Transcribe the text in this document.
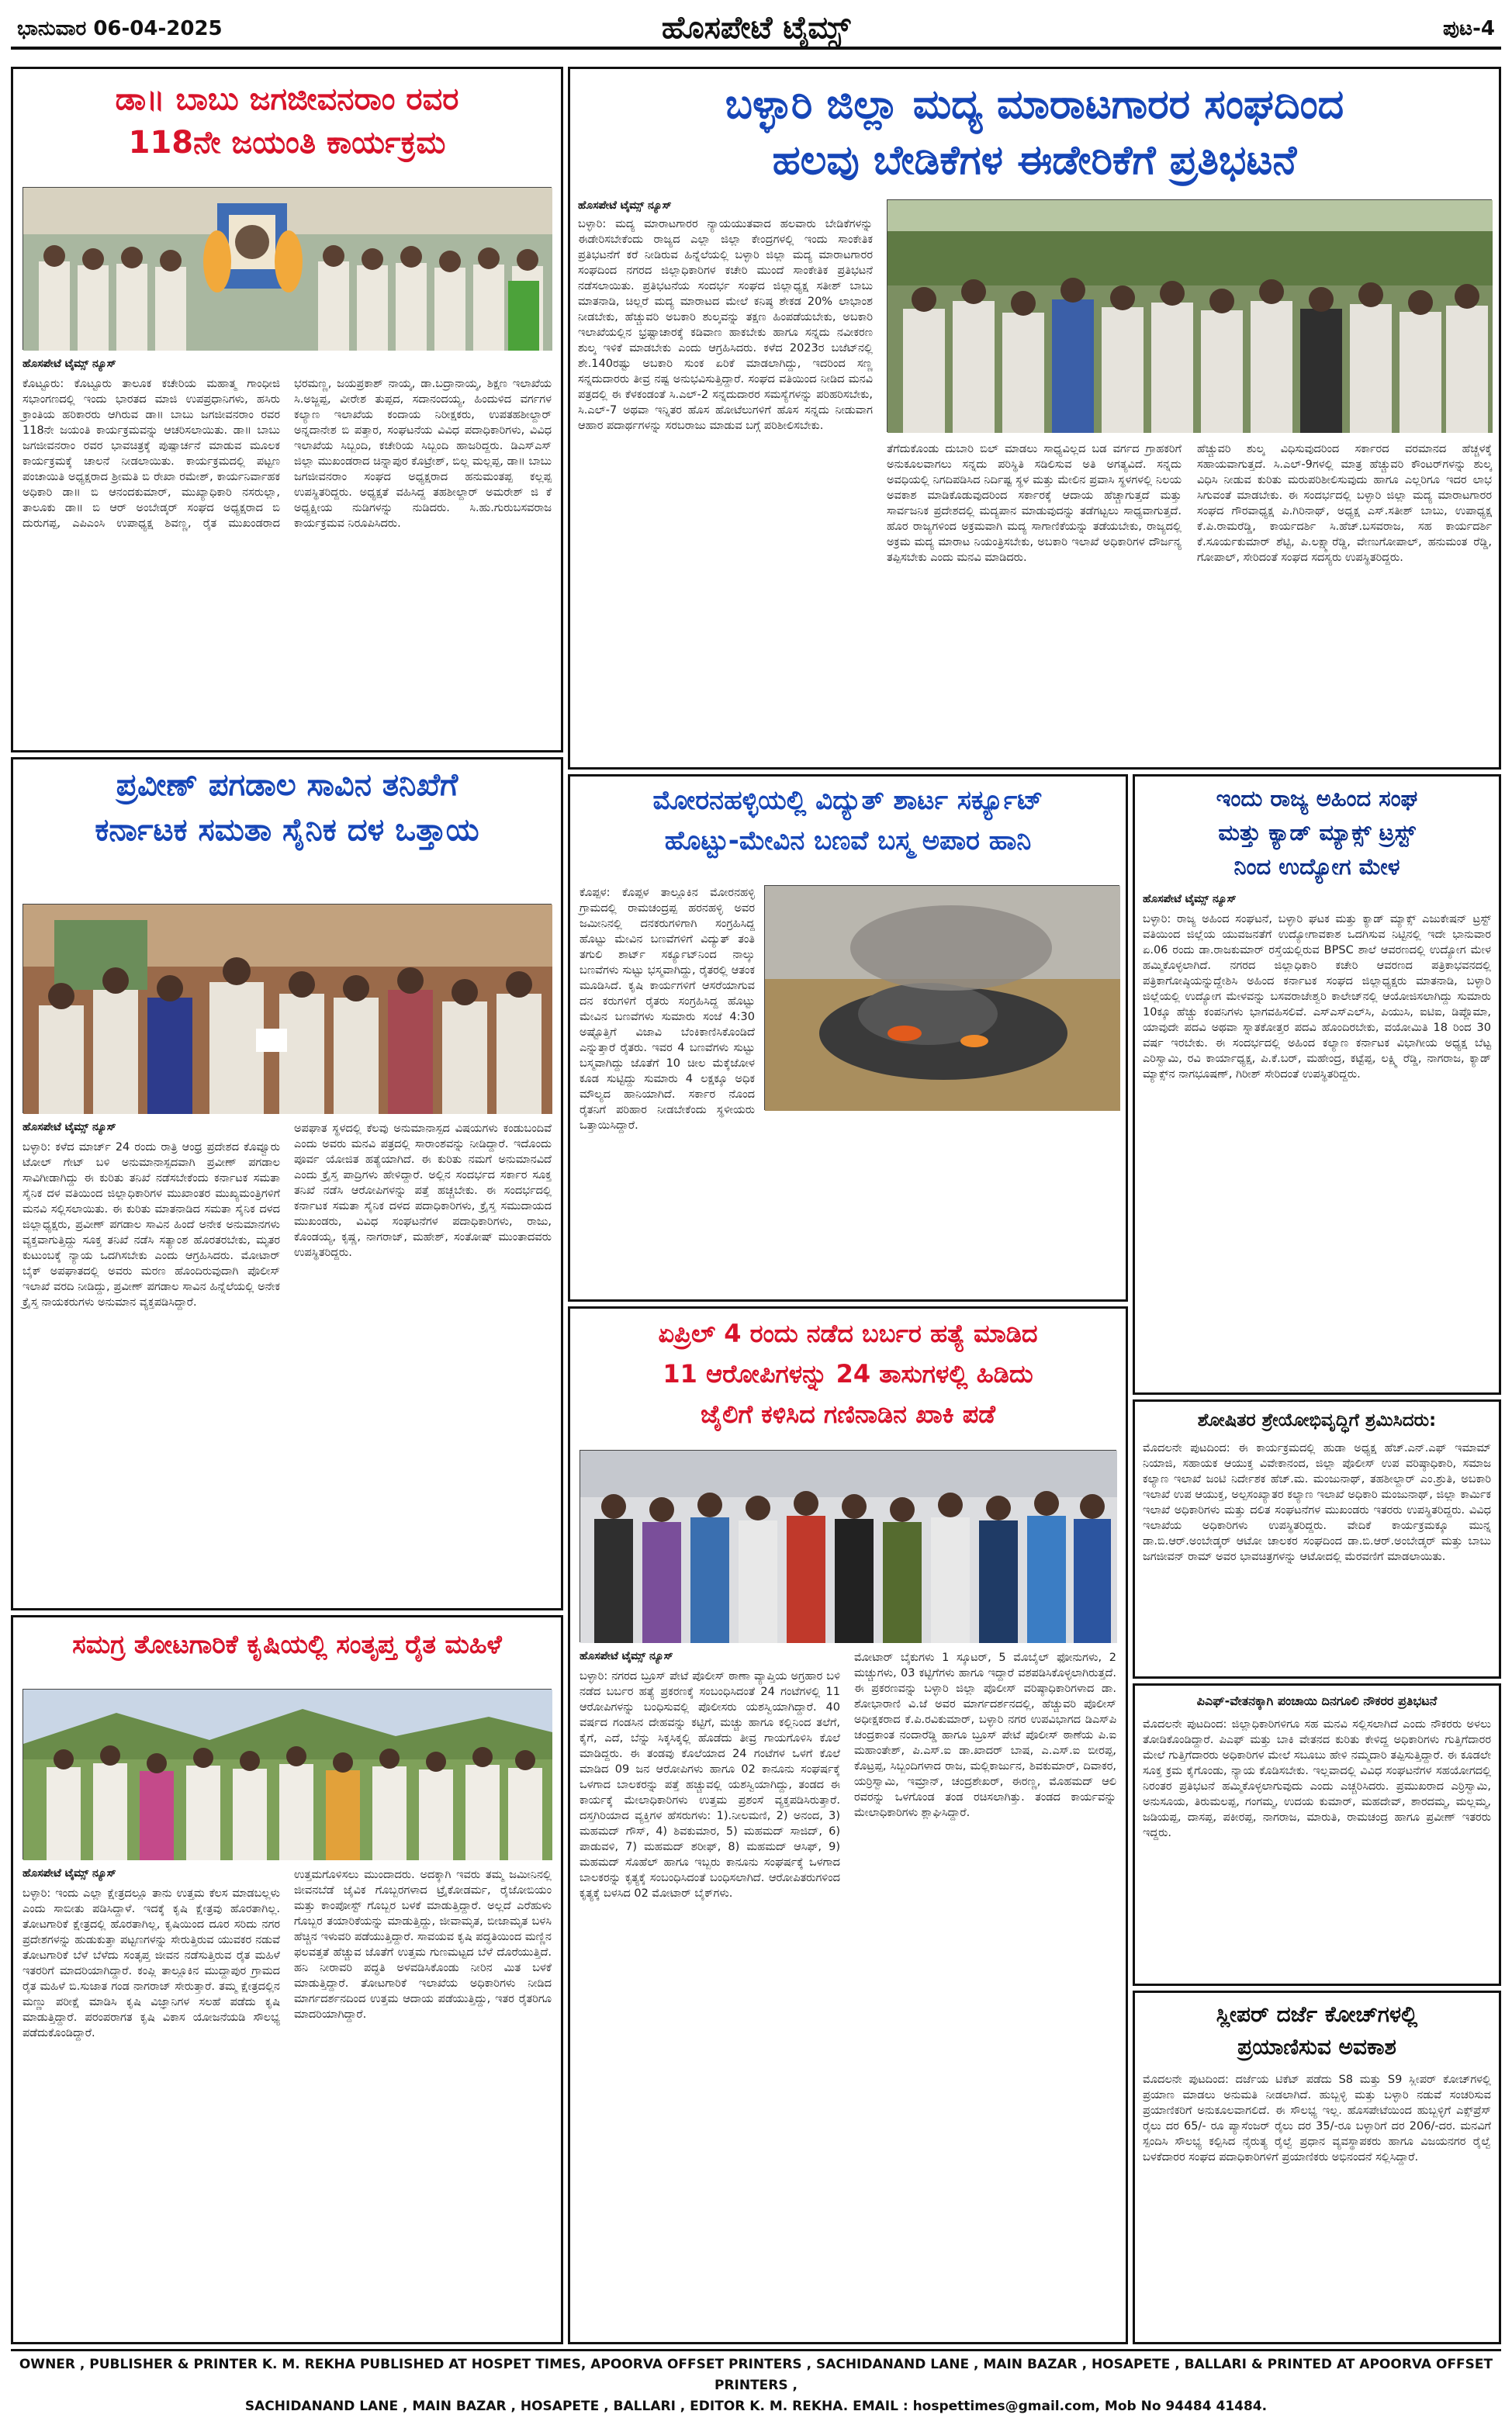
ಭಾನುವಾರ 06-04-2025	ಹೊಸಪೇಟೆ ಟೈಮ್ಸ್	ಪುಟ-4
ಡಾ॥ ಬಾಬು ಜಗಜೀವನರಾಂ ರವರ
118ನೇ ಜಯಂತಿ ಕಾರ್ಯಕ್ರಮ
ಹೊಸಪೇಟೆ ಟೈಮ್ಸ್ ನ್ಯೂಸ್
ಕೊಟ್ಟೂರು: ಕೊಟ್ಟೂರು ತಾಲೂಕ ಕಚೇರಿಯ ಮಹಾತ್ಮ ಗಾಂಧೀಜಿ ಸಭಾಂಗಣದಲ್ಲಿ ಇಂದು ಭಾರತದ ಮಾಜಿ ಉಪಪ್ರಧಾನಿಗಳು, ಹಸಿರು ಕ್ರಾಂತಿಯ ಹರಿಕಾರರು ಆಗಿರುವ ಡಾ॥ ಬಾಬು ಜಗಜೀವನರಾಂ ರವರ 118ನೇ ಜಯಂತಿ ಕಾರ್ಯಕ್ರಮವನ್ನು ಆಚರಿಸಲಾಯಿತು. ಡಾ॥ ಬಾಬು ಜಗಜೀವನರಾಂ ರವರ ಭಾವಚಿತ್ರಕ್ಕೆ ಪುಷ್ಪಾರ್ಚನೆ ಮಾಡುವ ಮೂಲಕ ಕಾರ್ಯಕ್ರಮಕ್ಕೆ ಚಾಲನೆ ನೀಡಲಾಯಿತು. ಕಾರ್ಯಕ್ರಮದಲ್ಲಿ ಪಟ್ಟಣ ಪಂಚಾಯಿತಿ ಅಧ್ಯಕ್ಷರಾದ ಶ್ರೀಮತಿ ಬಿ ರೇಖಾ ರಮೇಶ್, ಕಾರ್ಯನಿರ್ವಾಹಕ ಅಧಿಕಾರಿ ಡಾ॥ ಬಿ ಆನಂದಕುಮಾರ್, ಮುಖ್ಯಾಧಿಕಾರಿ ನಸರುಲ್ಲಾ, ತಾಲೂಕು ಡಾ॥ ಬಿ ಆರ್ ಅಂಬೇಡ್ಕರ್ ಸಂಘದ ಅಧ್ಯಕ್ಷರಾದ ಬಿ ದುರುಗಪ್ಪ, ಎಪಿಎಂಸಿ ಉಪಾಧ್ಯಕ್ಷ ಶಿವಣ್ಣ, ರೈತ ಮುಖಂಡರಾದ ಭರಮಣ್ಣ, ಜಯಪ್ರಕಾಶ್ ನಾಯ್ಕ, ಡಾ.ಬದ್ರಾನಾಯ್ಕ, ಶಿಕ್ಷಣ ಇಲಾಖೆಯ ಸಿ.ಅಜ್ಜಪ್ಪ, ವೀರೇಶ ತುಪ್ಪದ, ಸದಾನಂದಯ್ಯ, ಹಿಂದುಳಿದ ವರ್ಗಗಳ ಕಲ್ಯಾಣ ಇಲಾಖೆಯ ಕಂದಾಯ ನಿರೀಕ್ಷಕರು, ಉಪತಹಶೀಲ್ದಾರ್ ಅನ್ನದಾನೇಶ ಬಿ ಪತ್ತಾರ, ಸಂಘಟನೆಯ ವಿವಿಧ ಪದಾಧಿಕಾರಿಗಳು, ವಿವಿಧ ಇಲಾಖೆಯ ಸಿಬ್ಬಂದಿ, ಕಚೇರಿಯ ಸಿಬ್ಬಂದಿ ಹಾಜರಿದ್ದರು. ಡಿಎಸ್ಎಸ್ ಜಿಲ್ಲಾ ಮುಖಂಡರಾದ ಚಿನ್ನಾಪುರ ಕೊಟ್ರೇಶ್, ಬಿಲ್ಲ ಮಲ್ಲಪ್ಪ, ಡಾ॥ ಬಾಬು ಜಗಜೀವನರಾಂ ಸಂಘದ ಅಧ್ಯಕ್ಷರಾದ ಹನುಮಂತಪ್ಪ ಕಲ್ಲಪ್ಪ ಉಪಸ್ಥಿತರಿದ್ದರು. ಅಧ್ಯಕ್ಷತೆ ವಹಿಸಿದ್ದ ತಹಶೀಲ್ದಾರ್ ಅಮರೇಶ್ ಜಿ ಕೆ ಅಧ್ಯಕ್ಷೀಯ ನುಡಿಗಳನ್ನು ನುಡಿದರು. ಸಿ.ಹು.ಗುರುಬಸವರಾಜ ಕಾರ್ಯಕ್ರಮವ ನಿರೂಪಿಸಿದರು.
ಪ್ರವೀಣ್ ಪಗಡಾಲ ಸಾವಿನ ತನಿಖೆಗೆ
ಕರ್ನಾಟಕ ಸಮತಾ ಸೈನಿಕ ದಳ ಒತ್ತಾಯ
ಹೊಸಪೇಟೆ ಟೈಮ್ಸ್ ನ್ಯೂಸ್
ಬಳ್ಳಾರಿ: ಕಳೆದ ಮಾರ್ಚ್ 24 ರಂದು ರಾತ್ರಿ ಆಂಧ್ರ ಪ್ರದೇಶದ ಕೊವ್ವೂರು ಟೋಲ್ ಗೇಟ್ ಬಳಿ ಅನುಮಾನಾಸ್ಪದವಾಗಿ ಪ್ರವೀಣ್ ಪಗಡಾಲ ಸಾವಿಗೀಡಾಗಿದ್ದು ಈ ಕುರಿತು ತನಿಖೆ ನಡೆಸಬೇಕೆಂದು ಕರ್ನಾಟಕ ಸಮತಾ ಸೈನಿಕ ದಳ ವತಿಯಿಂದ ಜಿಲ್ಲಾಧಿಕಾರಿಗಳ ಮುಖಾಂತರ ಮುಖ್ಯಮಂತ್ರಿಗಳಿಗೆ ಮನವಿ ಸಲ್ಲಿಸಲಾಯಿತು. ಈ ಕುರಿತು ಮಾತನಾಡಿದ ಸಮತಾ ಸೈನಿಕ ದಳದ ಜಿಲ್ಲಾಧ್ಯಕ್ಷರು, ಪ್ರವೀಣ್ ಪಗಡಾಲ ಸಾವಿನ ಹಿಂದೆ ಅನೇಕ ಅನುಮಾನಗಳು ವ್ಯಕ್ತವಾಗುತ್ತಿದ್ದು ಸೂಕ್ತ ತನಿಖೆ ನಡೆಸಿ ಸತ್ಯಾಂಶ ಹೊರತರಬೇಕು, ಮೃತರ ಕುಟುಂಬಕ್ಕೆ ನ್ಯಾಯ ಒದಗಿಸಬೇಕು ಎಂದು ಆಗ್ರಹಿಸಿದರು. ಮೋಟಾರ್ ಬೈಕ್ ಅಪಘಾತದಲ್ಲಿ ಅವರು ಮರಣ ಹೊಂದಿರುವುದಾಗಿ ಪೊಲೀಸ್ ಇಲಾಖೆ ವರದಿ ನೀಡಿದ್ದು, ಪ್ರವೀಣ್ ಪಗಡಾಲ ಸಾವಿನ ಹಿನ್ನೆಲೆಯಲ್ಲಿ ಅನೇಕ ಕ್ರೈಸ್ತ ನಾಯಕರುಗಳು ಅನುಮಾನ ವ್ಯಕ್ತಪಡಿಸಿದ್ದಾರೆ.
ಅಪಘಾತ ಸ್ಥಳದಲ್ಲಿ ಕೆಲವು ಅನುಮಾನಾಸ್ಪದ ವಿಷಯಗಳು ಕಂಡುಬಂದಿವೆ ಎಂದು ಅವರು ಮನವಿ ಪತ್ರದಲ್ಲಿ ಸಾರಾಂಶವನ್ನು ನೀಡಿದ್ದಾರೆ. ಇದೊಂದು ಪೂರ್ವ ಯೋಜಿತ ಹತ್ಯೆಯಾಗಿದೆ. ಈ ಕುರಿತು ನಮಗೆ ಅನುಮಾನವಿದೆ ಎಂದು ಕ್ರೈಸ್ತ ಪಾದ್ರಿಗಳು ಹೇಳಿದ್ದಾರೆ. ಅಲ್ಲಿನ ಸಂದರ್ಭದ ಸರ್ಕಾರ ಸೂಕ್ತ ತನಿಖೆ ನಡೆಸಿ ಆರೋಪಿಗಳನ್ನು ಪತ್ತೆ ಹಚ್ಚಬೇಕು. ಈ ಸಂದರ್ಭದಲ್ಲಿ ಕರ್ನಾಟಕ ಸಮತಾ ಸೈನಿಕ ದಳದ ಪದಾಧಿಕಾರಿಗಳು, ಕ್ರೈಸ್ತ ಸಮುದಾಯದ ಮುಖಂಡರು, ವಿವಿಧ ಸಂಘಟನೆಗಳ ಪದಾಧಿಕಾರಿಗಳು, ರಾಜು, ಕೊಂಡಯ್ಯ, ಕೃಷ್ಣ, ನಾಗರಾಜ್, ಮಹೇಶ್, ಸಂತೋಷ್ ಮುಂತಾದವರು ಉಪಸ್ಥಿತರಿದ್ದರು.
ಸಮಗ್ರ ತೋಟಗಾರಿಕೆ ಕೃಷಿಯಲ್ಲಿ ಸಂತೃಪ್ತ ರೈತ ಮಹಿಳೆ
ಹೊಸಪೇಟೆ ಟೈಮ್ಸ್ ನ್ಯೂಸ್
ಬಳ್ಳಾರಿ: ಇಂದು ಎಲ್ಲಾ ಕ್ಷೇತ್ರದಲ್ಲೂ ತಾನು ಉತ್ತಮ ಕೆಲಸ ಮಾಡಬಲ್ಲಳು ಎಂದು ಸಾಬೀತು ಪಡಿಸಿದ್ದಾಳೆ. ಇದಕ್ಕೆ ಕೃಷಿ ಕ್ಷೇತ್ರವು ಹೊರತಾಗಿಲ್ಲ. ತೋಟಗಾರಿಕೆ ಕ್ಷೇತ್ರದಲ್ಲಿ ಹೊರತಾಗಿಲ್ಲ, ಕೃಷಿಯಿಂದ ದೂರ ಸರಿದು ನಗರ ಪ್ರದೇಶಗಳನ್ನು ಹುಡುಕುತ್ತಾ ಪಟ್ಟಣಗಳನ್ನು ಸೇರುತ್ತಿರುವ ಯುವಕರ ನಡುವೆ ತೋಟಗಾರಿಕೆ ಬೆಳೆ ಬೆಳೆದು ಸಂತೃಪ್ತ ಜೀವನ ನಡೆಸುತ್ತಿರುವ ರೈತ ಮಹಿಳೆ ಇತರರಿಗೆ ಮಾದರಿಯಾಗಿದ್ದಾರೆ. ಕಂಪ್ಲಿ ತಾಲ್ಲೂಕಿನ ಮುದ್ದಾಪುರ ಗ್ರಾಮದ ರೈತ ಮಹಿಳೆ ಬಿ.ಸುಜಾತ ಗಂಡ ನಾಗರಾಜ್ ಸೇರುತ್ತಾರೆ. ತಮ್ಮ ಕ್ಷೇತ್ರದಲ್ಲಿನ ಮಣ್ಣು ಪರೀಕ್ಷೆ ಮಾಡಿಸಿ ಕೃಷಿ ವಿಜ್ಞಾನಿಗಳ ಸಲಹೆ ಪಡೆದು ಕೃಷಿ ಮಾಡುತ್ತಿದ್ದಾರೆ. ಪರಂಪರಾಗತ ಕೃಷಿ ವಿಕಾಸ ಯೋಜನೆಯಡಿ ಸೌಲಭ್ಯ ಪಡೆದುಕೊಂಡಿದ್ದಾರೆ.
ಉತ್ತಮಗೊಳಿಸಲು ಮುಂದಾದರು. ಅದಕ್ಕಾಗಿ ಇವರು ತಮ್ಮ ಜಮೀನಿನಲ್ಲಿ ಜೀವನಬೆಡೆ ಜೈವಿಕ ಗೊಬ್ಬರಗಳಾದ ಟ್ರೈಕೋಡರ್ಮ, ರೈಜೋಬಿಯಂ ಮತ್ತು ಕಾಂಪೋಸ್ಟ್ ಗೊಬ್ಬರ ಬಳಕೆ ಮಾಡುತ್ತಿದ್ದಾರೆ. ಅಲ್ಲದೆ ಎರೆಹುಳು ಗೊಬ್ಬರ ತಯಾರಿಕೆಯನ್ನು ಮಾಡುತ್ತಿದ್ದು, ಜೀವಾಮೃತ, ಬೀಜಾಮೃತ ಬಳಸಿ ಹೆಚ್ಚಿನ ಇಳುವರಿ ಪಡೆಯುತ್ತಿದ್ದಾರೆ. ಸಾವಯವ ಕೃಷಿ ಪದ್ಧತಿಯಿಂದ ಮಣ್ಣಿನ ಫಲವತ್ತತೆ ಹೆಚ್ಚುವ ಜೊತೆಗೆ ಉತ್ತಮ ಗುಣಮಟ್ಟದ ಬೆಳೆ ದೊರೆಯುತ್ತಿದೆ. ಹನಿ ನೀರಾವರಿ ಪದ್ಧತಿ ಅಳವಡಿಸಿಕೊಂಡು ನೀರಿನ ಮಿತ ಬಳಕೆ ಮಾಡುತ್ತಿದ್ದಾರೆ. ತೋಟಗಾರಿಕೆ ಇಲಾಖೆಯ ಅಧಿಕಾರಿಗಳು ನೀಡಿದ ಮಾರ್ಗದರ್ಶನದಿಂದ ಉತ್ತಮ ಆದಾಯ ಪಡೆಯುತ್ತಿದ್ದು, ಇತರ ರೈತರಿಗೂ ಮಾದರಿಯಾಗಿದ್ದಾರೆ.
ಬಳ್ಳಾರಿ ಜಿಲ್ಲಾ ಮದ್ಯ ಮಾರಾಟಗಾರರ ಸಂಘದಿಂದ
ಹಲವು ಬೇಡಿಕೆಗಳ ಈಡೇರಿಕೆಗೆ ಪ್ರತಿಭಟನೆ
ಹೊಸಪೇಟೆ ಟೈಮ್ಸ್ ನ್ಯೂಸ್
ಬಳ್ಳಾರಿ: ಮದ್ಯ ಮಾರಾಟಗಾರರ ನ್ಯಾಯಯುತವಾದ ಹಲವಾರು ಬೇಡಿಕೆಗಳನ್ನು ಈಡೇರಿಸಬೇಕೆಂದು ರಾಜ್ಯದ ಎಲ್ಲಾ ಜಿಲ್ಲಾ ಕೇಂದ್ರಗಳಲ್ಲಿ ಇಂದು ಸಾಂಕೇತಿಕ ಪ್ರತಿಭಟನೆಗೆ ಕರೆ ನೀಡಿರುವ ಹಿನ್ನೆಲೆಯಲ್ಲಿ ಬಳ್ಳಾರಿ ಜಿಲ್ಲಾ ಮದ್ಯ ಮಾರಾಟಗಾರರ ಸಂಘದಿಂದ ನಗರದ ಜಿಲ್ಲಾಧಿಕಾರಿಗಳ ಕಚೇರಿ ಮುಂದೆ ಸಾಂಕೇತಿಕ ಪ್ರತಿಭಟನೆ ನಡೆಸಲಾಯಿತು. ಪ್ರತಿಭಟನೆಯ ಸಂದರ್ಭ ಸಂಘದ ಜಿಲ್ಲಾಧ್ಯಕ್ಷ ಸತೀಶ್ ಬಾಬು ಮಾತನಾಡಿ, ಚಿಲ್ಲರೆ ಮದ್ಯ ಮಾರಾಟದ ಮೇಲೆ ಕನಿಷ್ಠ ಶೇಕಡ 20% ಲಾಭಾಂಶ ನೀಡಬೇಕು, ಹೆಚ್ಚುವರಿ ಅಬಕಾರಿ ಶುಲ್ಕವನ್ನು ತಕ್ಷಣ ಹಿಂಪಡೆಯಬೇಕು, ಅಬಕಾರಿ ಇಲಾಖೆಯಲ್ಲಿನ ಭ್ರಷ್ಟಾಚಾರಕ್ಕೆ ಕಡಿವಾಣ ಹಾಕಬೇಕು ಹಾಗೂ ಸನ್ನದು ನವೀಕರಣ ಶುಲ್ಕ ಇಳಿಕೆ ಮಾಡಬೇಕು ಎಂದು ಆಗ್ರಹಿಸಿದರು. ಕಳೆದ 2023ರ ಬಜೆಟ್‌ನಲ್ಲಿ ಶೇ.140ರಷ್ಟು ಅಬಕಾರಿ ಸುಂಕ ಏರಿಕೆ ಮಾಡಲಾಗಿದ್ದು, ಇದರಿಂದ ಸಣ್ಣ ಸನ್ನದುದಾರರು ತೀವ್ರ ನಷ್ಟ ಅನುಭವಿಸುತ್ತಿದ್ದಾರೆ. ಸಂಘದ ವತಿಯಿಂದ ನೀಡಿದ ಮನವಿ ಪತ್ರದಲ್ಲಿ ಈ ಕೆಳಕಂಡಂತೆ ಸಿ.ಎಲ್-2 ಸನ್ನದುದಾರರ ಸಮಸ್ಯೆಗಳನ್ನು ಪರಿಹರಿಸಬೇಕು, ಸಿ.ಎಲ್-7 ಅಥವಾ ಇನ್ನಿತರ ಹೊಸ ಹೋಟೆಲುಗಳಿಗೆ ಹೊಸ ಸನ್ನದು ನೀಡುವಾಗ ಆಹಾರ ಪದಾರ್ಥಗಳನ್ನು ಸರಬರಾಜು ಮಾಡುವ ಬಗ್ಗೆ ಪರಿಶೀಲಿಸಬೇಕು.
ತೆಗೆದುಕೊಂಡು ದುಬಾರಿ ಬಿಲ್ ಮಾಡಲು ಸಾಧ್ಯವಿಲ್ಲದ ಬಡ ವರ್ಗದ ಗ್ರಾಹಕರಿಗೆ ಅನುಕೂಲವಾಗಲು ಸನ್ನದು ಪರಿಸ್ಥಿತಿ ಸಡಿಲಿಸುವ ಅತಿ ಅಗತ್ಯವಿದೆ. ಸನ್ನದು ಅವಧಿಯಲ್ಲಿ ನಿಗದಿಪಡಿಸಿದ ನಿರ್ದಿಷ್ಟ ಸ್ಥಳ ಮತ್ತು ಮೇಲಿನ ಪ್ರವಾಸಿ ಸ್ಥಳಗಳಲ್ಲಿ ನಿಲಯ ಅವಕಾಶ ಮಾಡಿಕೊಡುವುದರಿಂದ ಸರ್ಕಾರಕ್ಕೆ ಆದಾಯ ಹೆಚ್ಚಾಗುತ್ತದೆ ಮತ್ತು ಸಾರ್ವಜನಿಕ ಪ್ರದೇಶದಲ್ಲಿ ಮದ್ಯಪಾನ ಮಾಡುವುದನ್ನು ತಡೆಗಟ್ಟಲು ಸಾಧ್ಯವಾಗುತ್ತದೆ. ಹೊರ ರಾಜ್ಯಗಳಿಂದ ಅಕ್ರಮವಾಗಿ ಮದ್ಯ ಸಾಗಾಣಿಕೆಯನ್ನು ತಡೆಯಬೇಕು, ರಾಜ್ಯದಲ್ಲಿ ಅಕ್ರಮ ಮದ್ಯ ಮಾರಾಟ ನಿಯಂತ್ರಿಸಬೇಕು, ಅಬಕಾರಿ ಇಲಾಖೆ ಅಧಿಕಾರಿಗಳ ದೌರ್ಜನ್ಯ ತಪ್ಪಿಸಬೇಕು ಎಂದು ಮನವಿ ಮಾಡಿದರು.
ಹೆಚ್ಚುವರಿ ಶುಲ್ಕ ವಿಧಿಸುವುದರಿಂದ ಸರ್ಕಾರದ ವರಮಾನದ ಹೆಚ್ಚಳಕ್ಕೆ ಸಹಾಯವಾಗುತ್ತದೆ. ಸಿ.ಎಲ್-9ಗಳಲ್ಲಿ ಮಾತ್ರ ಹೆಚ್ಚುವರಿ ಕೌಂಟರ್‌ಗಳನ್ನು ಶುಲ್ಕ ವಿಧಿಸಿ ನೀಡುವ ಕುರಿತು ಮರುಪರಿಶೀಲಿಸುವುದು ಹಾಗೂ ಎಲ್ಲರಿಗೂ ಇದರ ಲಾಭ ಸಿಗುವಂತೆ ಮಾಡಬೇಕು. ಈ ಸಂದರ್ಭದಲ್ಲಿ ಬಳ್ಳಾರಿ ಜಿಲ್ಲಾ ಮದ್ಯ ಮಾರಾಟಗಾರರ ಸಂಘದ ಗೌರವಾಧ್ಯಕ್ಷ ಪಿ.ಗಿರಿನಾಥ್, ಅಧ್ಯಕ್ಷ ಎಸ್.ಸತೀಶ್ ಬಾಬು, ಉಪಾಧ್ಯಕ್ಷ ಕೆ.ಪಿ.ರಾಮರೆಡ್ಡಿ, ಕಾರ್ಯದರ್ಶಿ ಸಿ.ಹೆಚ್.ಬಸವರಾಜ, ಸಹ ಕಾರ್ಯದರ್ಶಿ ಕೆ.ಸೂರ್ಯಕುಮಾರ್ ಶೆಟ್ಟಿ, ಪಿ.ಲಕ್ಷ್ಮಾರೆಡ್ಡಿ, ವೇಣುಗೋಪಾಲ್, ಹನುಮಂತ ರೆಡ್ಡಿ, ಗೋಪಾಲ್, ಸೇರಿದಂತೆ ಸಂಘದ ಸದಸ್ಯರು ಉಪಸ್ಥಿತರಿದ್ದರು.
ಮೋರನಹಳ್ಳಿಯಲ್ಲಿ ವಿದ್ಯುತ್ ಶಾರ್ಟ ಸರ್ಕ್ಯೂಟ್
ಹೊಟ್ಟು-ಮೇವಿನ ಬಣವೆ ಬಸ್ಮ ಅಪಾರ ಹಾನಿ
ಕೊಪ್ಪಳ: ಕೊಪ್ಪಳ ತಾಲ್ಲೂಕಿನ ಮೋರನಹಳ್ಳಿ ಗ್ರಾಮದಲ್ಲಿ ರಾಮಚಂದ್ರಪ್ಪ ಹರನಹಳ್ಳಿ ಅವರ ಜಮೀನಿನಲ್ಲಿ ದನಕರುಗಳಿಗಾಗಿ ಸಂಗ್ರಹಿಸಿದ್ದ ಹೊಟ್ಟು ಮೇವಿನ ಬಣವೆಗಳಿಗೆ ವಿದ್ಯುತ್ ತಂತಿ ತಗುಲಿ ಶಾರ್ಟ್ ಸರ್ಕ್ಯೂಟ್‌ನಿಂದ ನಾಲ್ಕು ಬಣವೆಗಳು ಸುಟ್ಟು ಭಸ್ಮವಾಗಿದ್ದು, ರೈತರಲ್ಲಿ ಆತಂಕ ಮೂಡಿಸಿದೆ. ಕೃಷಿ ಕಾರ್ಯಗಳಿಗೆ ಆಸರೆಯಾಗುವ ದನ ಕರುಗಳಿಗೆ ರೈತರು ಸಂಗ್ರಹಿಸಿದ್ದ ಹೊಟ್ಟು ಮೇವಿನ ಬಣವೆಗಳು ಸುಮಾರು ಸಂಜೆ 4:30 ಅಷ್ಟೊತ್ತಿಗೆ ವಿಜಾವಿ ಬೆಂಕಿಕಾಣಿಸಿಕೊಂಡಿದೆ ಎನ್ನುತ್ತಾರೆ ರೈತರು. ಇವರ 4 ಬಣವೆಗಳು ಸುಟ್ಟು ಬಸ್ಮವಾಗಿದ್ದು ಜೊತೆಗೆ 10 ಚೀಲ ಮೆಕ್ಕೆಜೋಳ ಕೂಡ ಸುಟ್ಟಿದ್ದು ಸುಮಾರು 4 ಲಕ್ಷಕ್ಕೂ ಅಧಿಕ ಮೌಲ್ಯದ ಹಾನಿಯಾಗಿದೆ. ಸರ್ಕಾರ ನೊಂದ ರೈತನಿಗೆ ಪರಿಹಾರ ನೀಡಬೇಕೆಂದು ಸ್ಥಳೀಯರು ಒತ್ತಾಯಿಸಿದ್ದಾರೆ.
ಏಪ್ರಿಲ್ 4 ರಂದು ನಡೆದ ಬರ್ಬರ ಹತ್ಯೆ ಮಾಡಿದ
11 ಆರೋಪಿಗಳನ್ನು 24 ತಾಸುಗಳಲ್ಲಿ ಹಿಡಿದು
ಜೈಲಿಗೆ ಕಳಿಸಿದ ಗಣಿನಾಡಿನ ಖಾಕಿ ಪಡೆ
ಹೊಸಪೇಟೆ ಟೈಮ್ಸ್ ನ್ಯೂಸ್
ಬಳ್ಳಾರಿ: ನಗರದ ಬ್ರೂಸ್ ಪೇಟೆ ಪೊಲೀಸ್ ಠಾಣಾ ವ್ಯಾಪ್ತಿಯ ಅಗ್ರಹಾರ ಬಳಿ ನಡೆದ ಬರ್ಬರ ಹತ್ಯೆ ಪ್ರಕರಣಕ್ಕೆ ಸಂಬಂಧಿಸಿದಂತೆ 24 ಗಂಟೆಗಳಲ್ಲಿ 11 ಆರೋಪಿಗಳನ್ನು ಬಂಧಿಸುವಲ್ಲಿ ಪೊಲೀಸರು ಯಶಸ್ವಿಯಾಗಿದ್ದಾರೆ. 40 ವರ್ಷದ ಗಂಡಸಿನ ದೇಹವನ್ನು ಕಟ್ಟಿಗೆ, ಮಚ್ಚು ಹಾಗೂ ಕಲ್ಲಿನಿಂದ ತಲೆಗೆ, ಕೈಗೆ, ಎದೆ, ಬೆನ್ನು ಸಿಕ್ಕಸಿಕ್ಕಲ್ಲಿ ಹೊಡೆದು ತೀವ್ರ ಗಾಯಗೊಳಿಸಿ ಕೊಲೆ ಮಾಡಿದ್ದರು. ಈ ತಂಡವು ಕೊಲೆಯಾದ 24 ಗಂಟೆಗಳ ಒಳಗೆ ಕೊಲೆ ಮಾಡಿದ 09 ಜನ ಆರೋಪಿಗಳು ಹಾಗೂ 02 ಕಾನೂನು ಸಂಘರ್ಷಕ್ಕೆ ಒಳಗಾದ ಬಾಲಕರನ್ನು ಪತ್ತೆ ಹಚ್ಚುವಲ್ಲಿ ಯಶಸ್ವಿಯಾಗಿದ್ದು, ತಂಡದ ಈ ಕಾರ್ಯಕ್ಕೆ ಮೇಲಾಧಿಕಾರಿಗಳು ಉತ್ತಮ ಪ್ರಶಂಸೆ ವ್ಯಕ್ತಪಡಿಸಿರುತ್ತಾರೆ. ದಸ್ತಗಿರಿಯಾದ ವ್ಯಕ್ತಿಗಳ ಹೆಸರುಗಳು: 1).ನೀಲಮಣಿ, 2) ಅನಂದ, 3) ಮಹಮದ್ ಗೌಸ್, 4) ಶಿವಕುಮಾರ, 5) ಮಹಮದ್ ಸಾಜಿದ್, 6) ಪಾಡುವಳಿ, 7) ಮಹಮದ್ ಶರೀಫ್, 8) ಮಹಮದ್ ಆಸಿಫ್, 9) ಮಹಮದ್ ಸೊಹೆಲ್ ಹಾಗೂ ಇಬ್ಬರು ಕಾನೂನು ಸಂಘರ್ಷಕ್ಕೆ ಒಳಗಾದ ಬಾಲಕರನ್ನು ಕೃತ್ಯಕ್ಕೆ ಸಂಬಂಧಿಸಿದಂತೆ ಬಂಧಿಸಲಾಗಿದೆ. ಆರೋಪಿತರುಗಳಿಂದ ಕೃತ್ಯಕ್ಕೆ ಬಳಸಿದ 02 ಮೋಟಾರ್ ಬೈಕ್‌ಗಳು.
ಮೋಟಾರ್ ಬೈಕುಗಳು 1 ಸ್ಕೂಟರ್, 5 ಮೊಬೈಲ್ ಫೋನುಗಳು, 2 ಮಚ್ಚುಗಳು, 03 ಕಟ್ಟಿಗೆಗಳು ಹಾಗೂ ಇದ್ದಾರೆ ವಶಪಡಿಸಿಕೊಳ್ಳಲಾಗಿರುತ್ತದೆ. ಈ ಪ್ರಕರಣವನ್ನು ಬಳ್ಳಾರಿ ಜಿಲ್ಲಾ ಪೊಲೀಸ್ ವರಿಷ್ಠಾಧಿಕಾರಿಗಳಾದ ಡಾ. ಶೋಭಾರಾಣಿ ವಿ.ಜೆ ಅವರ ಮಾರ್ಗದರ್ಶನದಲ್ಲಿ, ಹೆಚ್ಚುವರಿ ಪೊಲೀಸ್ ಅಧೀಕ್ಷಕರಾದ ಕೆ.ಪಿ.ರವಿಕುಮಾರ್, ಬಳ್ಳಾರಿ ನಗರ ಉಪವಿಭಾಗದ ಡಿಎಸ್‌ಪಿ ಚಂದ್ರಕಾಂತ ನಂದಾರೆಡ್ಡಿ ಹಾಗೂ ಬ್ರೂಸ್ ಪೇಟೆ ಪೊಲೀಸ್ ಠಾಣೆಯ ಪಿ.ಐ ಮಹಾಂತೇಶ್, ಪಿ.ಎಸ್.ಐ ಡಾ.ಖಾದರ್ ಬಾಷ, ಎ.ಎಸ್.ಐ ಬೀರಪ್ಪ, ಕೊಟ್ರಪ್ಪ, ಸಿಬ್ಬಂದಿಗಳಾದ ರಾಜ, ಮಲ್ಲಿಕಾರ್ಜುನ, ಶಿವಕುಮಾರ್, ದಿವಾಕರ, ಯರ್ರಿಸ್ವಾಮಿ, ಇಮ್ರಾನ್, ಚಂದ್ರಶೇಖರ್, ಈರಣ್ಣ, ಮೊಹಮದ್ ಆಲಿ ರವರನ್ನು ಒಳಗೊಂಡ ತಂಡ ರಚಿಸಲಾಗಿತ್ತು. ತಂಡದ ಕಾರ್ಯವನ್ನು ಮೇಲಾಧಿಕಾರಿಗಳು ಶ್ಲಾಘಿಸಿದ್ದಾರೆ.
ಇಂದು ರಾಜ್ಯ ಅಹಿಂದ ಸಂಘ
ಮತ್ತು ಕ್ಯಾಡ್ ಮ್ಯಾಕ್ಸ್ ಟ್ರಸ್ಟ್
ನಿಂದ ಉದ್ಯೋಗ ಮೇಳ
ಹೊಸಪೇಟೆ ಟೈಮ್ಸ್ ನ್ಯೂಸ್
ಬಳ್ಳಾರಿ: ರಾಜ್ಯ ಅಹಿಂದ ಸಂಘಟನೆ, ಬಳ್ಳಾರಿ ಘಟಕ ಮತ್ತು ಕ್ಯಾಡ್ ಮ್ಯಾಕ್ಸ್ ಎಜುಕೇಷನ್ ಟ್ರಸ್ಟ್ ವತಿಯಿಂದ ಜಿಲ್ಲೆಯ ಯುವಜನತೆಗೆ ಉದ್ಯೋಗಾವಕಾಶ ಒದಗಿಸುವ ನಿಟ್ಟಿನಲ್ಲಿ ಇದೇ ಭಾನುವಾರ ಏ.06 ರಂದು ಡಾ.ರಾಜಕುಮಾರ್ ರಸ್ತೆಯಲ್ಲಿರುವ BPSC ಶಾಲೆ ಆವರಣದಲ್ಲಿ ಉದ್ಯೋಗ ಮೇಳ ಹಮ್ಮಿಕೊಳ್ಳಲಾಗಿದೆ. ನಗರದ ಜಿಲ್ಲಾಧಿಕಾರಿ ಕಚೇರಿ ಆವರಣದ ಪತ್ರಿಕಾಭವನದಲ್ಲಿ ಪತ್ರಿಕಾಗೋಷ್ಠಿಯನ್ನುದ್ದೇಶಿಸಿ ಅಹಿಂದ ಕರ್ನಾಟಕ ಸಂಘದ ಜಿಲ್ಲಾಧ್ಯಕ್ಷರು ಮಾತನಾಡಿ, ಬಳ್ಳಾರಿ ಜಿಲ್ಲೆಯಲ್ಲಿ ಉದ್ಯೋಗ ಮೇಳವನ್ನು ಬಸವರಾಜೇಶ್ವರಿ ಕಾಲೇಜ್‌ನಲ್ಲಿ ಆಯೋಜಿಸಲಾಗಿದ್ದು ಸುಮಾರು 10ಕ್ಕೂ ಹೆಚ್ಚು ಕಂಪನಿಗಳು ಭಾಗವಹಿಸಲಿವೆ. ಎಸ್ಎಸ್ಎಲ್‌ಸಿ, ಪಿಯುಸಿ, ಐಟಿಐ, ಡಿಪ್ಲೊಮಾ, ಯಾವುದೇ ಪದವಿ ಅಥವಾ ಸ್ನಾತಕೋತ್ತರ ಪದವಿ ಹೊಂದಿರಬೇಕು, ವಯೋಮಿತಿ 18 ರಿಂದ 30 ವರ್ಷ ಇರಬೇಕು. ಈ ಸಂದರ್ಭದಲ್ಲಿ ಅಹಿಂದ ಕಲ್ಯಾಣ ಕರ್ನಾಟಕ ವಿಭಾಗೀಯ ಅಧ್ಯಕ್ಷ ಬೆಟ್ಟ ಎರಿಸ್ವಾಮಿ, ರವಿ ಕಾರ್ಯಾಧ್ಯಕ್ಷ, ಪಿ.ಕೆ.ಬರ್, ಮಹೇಂದ್ರ, ಕಟ್ಟೆಪ್ಪ, ಲಕ್ಷ್ಮಿ ರೆಡ್ಡಿ, ನಾಗರಾಜ, ಕ್ಯಾಡ್ ಮ್ಯಾಕ್ಸ್‌ನ ನಾಗಭೂಷಣ್, ಗಿರೀಶ್ ಸೇರಿದಂತೆ ಉಪಸ್ಥಿತರಿದ್ದರು.
ಶೋಷಿತರ ಶ್ರೇಯೋಭಿವೃದ್ಧಿಗೆ ಶ್ರಮಿಸಿದರು:
ಮೊದಲನೇ ಪುಟದಿಂದ: ಈ ಕಾರ್ಯಕ್ರಮದಲ್ಲಿ ಹುಡಾ ಅಧ್ಯಕ್ಷ ಹೆಚ್.ಎನ್.ಎಫ್ ಇಮಾಮ್ ನಿಯಾಜಿ, ಸಹಾಯಕ ಆಯುಕ್ತ ವಿವೇಕಾನಂದ, ಜಿಲ್ಲಾ ಪೊಲೀಸ್ ಉಪ ವರಿಷ್ಠಾಧಿಕಾರಿ, ಸಮಾಜ ಕಲ್ಯಾಣ ಇಲಾಖೆ ಜಂಟಿ ನಿರ್ದೇಶಕ ಹೆಚ್.ಮ. ಮಂಜುನಾಥ್, ತಹಶೀಲ್ದಾರ್ ಎಂ.ಶ್ರುತಿ, ಅಬಕಾರಿ ಇಲಾಖೆ ಉಪ ಆಯುಕ್ತ, ಅಲ್ಪಸಂಖ್ಯಾತರ ಕಲ್ಯಾಣ ಇಲಾಖೆ ಅಧಿಕಾರಿ ಮಂಜುನಾಥ್, ಜಿಲ್ಲಾ ಕಾರ್ಮಿಕ ಇಲಾಖೆ ಅಧಿಕಾರಿಗಳು ಮತ್ತು ದಲಿತ ಸಂಘಟನೆಗಳ ಮುಖಂಡರು ಇತರರು ಉಪಸ್ಥಿತರಿದ್ದರು. ವಿವಿಧ ಇಲಾಖೆಯ ಅಧಿಕಾರಿಗಳು ಉಪಸ್ಥಿತರಿದ್ದರು. ವೇದಿಕೆ ಕಾರ್ಯಕ್ರಮಕ್ಕೂ ಮುನ್ನ ಡಾ.ಬಿ.ಆರ್.ಅಂಬೇಡ್ಕರ್ ಆಟೋ ಚಾಲಕರ ಸಂಘದಿಂದ ಡಾ.ಬಿ.ಆರ್.ಅಂಬೇಡ್ಕರ್ ಮತ್ತು ಬಾಬು ಜಗಜೀವನ್ ರಾಮ್ ಅವರ ಭಾವಚಿತ್ರಗಳನ್ನು ಆಟೋದಲ್ಲಿ ಮೆರವಣಿಗೆ ಮಾಡಲಾಯಿತು.
ಪಿಎಫ್-ವೇತನಕ್ಕಾಗಿ ಪಂಚಾಯಿ ದಿನಗೂಲಿ ನೌಕರರ ಪ್ರತಿಭಟನೆ
ಮೊದಲನೇ ಪುಟದಿಂದ: ಜಿಲ್ಲಾಧಿಕಾರಿಗಳಿಗೂ ಸಹ ಮನವಿ ಸಲ್ಲಿಸಲಾಗಿದೆ ಎಂದು ನೌಕರರು ಅಳಲು ತೋಡಿಕೊಂಡಿದ್ದಾರೆ. ಪಿಎಫ್ ಮತ್ತು ಬಾಕಿ ವೇತನದ ಕುರಿತು ಕೇಳಿದ್ದ ಅಧಿಕಾರಿಗಳು ಗುತ್ತಿಗೆದಾರರ ಮೇಲೆ ಗುತ್ತಿಗೆದಾರರು ಅಧಿಕಾರಿಗಳ ಮೇಲೆ ಸಬೂಬು ಹೇಳಿ ನಮ್ಮದಾರಿ ತಪ್ಪಿಸುತ್ತಿದ್ದಾರೆ. ಈ ಕೂಡಲೇ ಸೂಕ್ತ ಕ್ರಮ ಕೈಗೊಂಡು, ನ್ಯಾಯ ಕೊಡಿಸಬೇಕು. ಇಲ್ಲವಾದಲ್ಲಿ ವಿವಿಧ ಸಂಘಟನೆಗಳ ಸಹಯೋಗದಲ್ಲಿ ನಿರಂತರ ಪ್ರತಿಭಟನೆ ಹಮ್ಮಿಕೊಳ್ಳಲಾಗುವುದು ಎಂದು ಎಚ್ಚರಿಸಿದರು. ಪ್ರಮುಖರಾದ ಎರ್ರಿಸ್ವಾಮಿ, ಅನುಸೂಯ, ತಿರುಮಲಪ್ಪ, ಗಂಗಮ್ಮ, ಉದಯ ಕುಮಾರ್, ಮಹದೇವ್, ಶಾರದಮ್ಮ, ಮಲ್ಲಮ್ಮ, ಜಡಿಯಪ್ಪ, ದಾಸಪ್ಪ, ಪಕೀರಪ್ಪ, ನಾಗರಾಜ, ಮಾರುತಿ, ರಾಮಚಂದ್ರ ಹಾಗೂ ಪ್ರವೀಣ್ ಇತರರು ಇದ್ದರು.
ಸ್ಲೀಪರ್ ದರ್ಜೆ ಕೋಚ್‌ಗಳಲ್ಲಿ
ಪ್ರಯಾಣಿಸುವ ಅವಕಾಶ
ಮೊದಲನೇ ಪುಟದಿಂದ: ದರ್ಜೆಯ ಟಿಕೆಟ್ ಪಡೆದು S8 ಮತ್ತು S9 ಸ್ಲೀಪರ್ ಕೋಚ್‌ಗಳಲ್ಲಿ ಪ್ರಯಾಣ ಮಾಡಲು ಅನುಮತಿ ನೀಡಲಾಗಿದೆ. ಹುಬ್ಬಳ್ಳಿ ಮತ್ತು ಬಳ್ಳಾರಿ ನಡುವೆ ಸಂಚರಿಸುವ ಪ್ರಯಾಣಿಕರಿಗೆ ಅನುಕೂಲವಾಗಲಿದೆ. ಈ ಸೌಲಭ್ಯ ಇಲ್ಲ. ಹೊಸಪೇಟೆಯಿಂದ ಹುಬ್ಬಳ್ಳಿಗೆ ಎಕ್ಸ್‌ಪ್ರೆಸ್ ರೈಲು ದರ 65/- ರೂ ಪ್ಯಾಸೆಂಜರ್ ರೈಲು ದರ 35/-ರೂ ಬಳ್ಳಾರಿಗೆ ದರ 206/-ದರ. ಮನವಿಗೆ ಸ್ಪಂದಿಸಿ ಸೌಲಭ್ಯ ಕಲ್ಪಿಸಿದ ನೈರುತ್ಯ ರೈಲ್ವೆ ಪ್ರಧಾನ ವ್ಯವಸ್ಥಾಪಕರು ಹಾಗೂ ವಿಜಯನಗರ ರೈಲ್ವೆ ಬಳಕೆದಾರರ ಸಂಘದ ಪದಾಧಿಕಾರಿಗಳಿಗೆ ಪ್ರಯಾಣಿಕರು ಅಭಿನಂದನೆ ಸಲ್ಲಿಸಿದ್ದಾರೆ.
OWNER , PUBLISHER & PRINTER K. M. REKHA PUBLISHED AT HOSPET TIMES, APOORVA OFFSET PRINTERS , SACHIDANAND LANE , MAIN BAZAR , HOSAPETE , BALLARI & PRINTED AT APOORVA OFFSET PRINTERS ,
SACHIDANAND LANE , MAIN BAZAR , HOSAPETE , BALLARI , EDITOR K. M. REKHA. EMAIL : hospettimes@gmail.com, Mob No 94484 41484.
